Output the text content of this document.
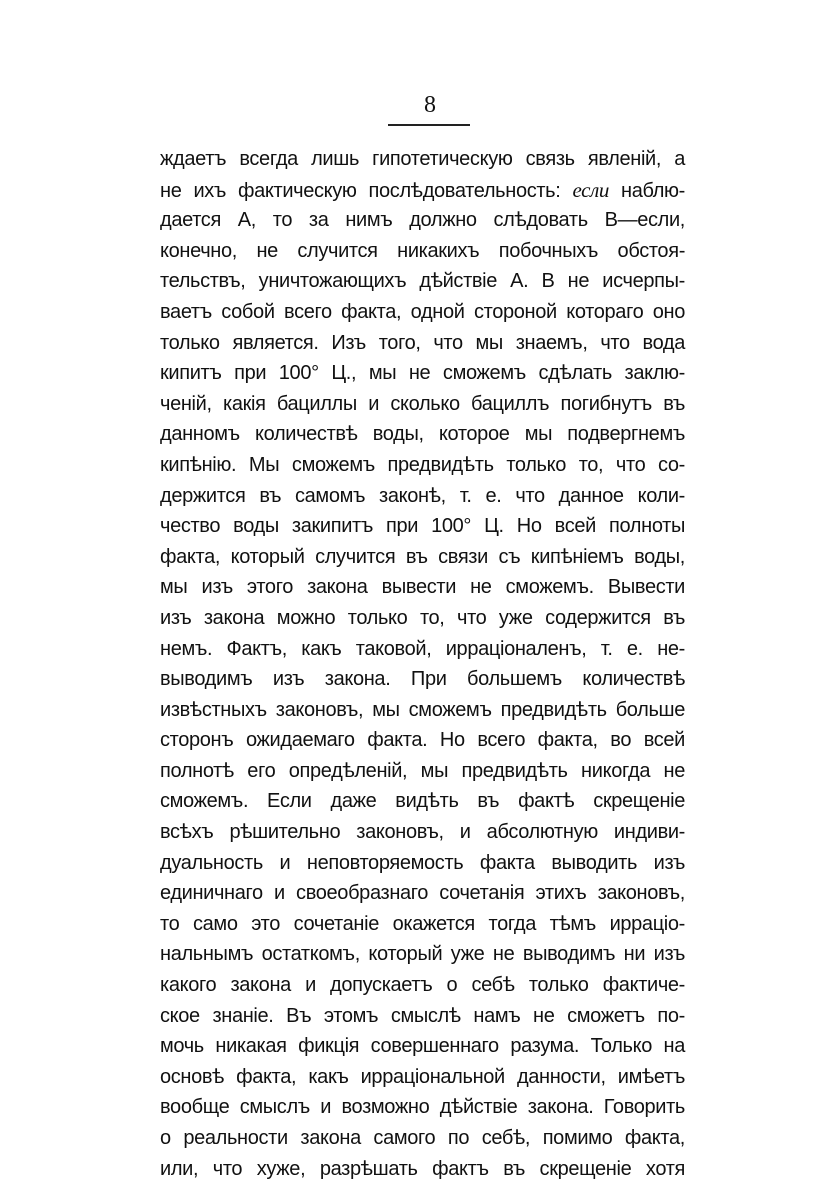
8
ждаетъ всегда лишь гипотетическую связь явленій, а
не ихъ фактическую послѣдовательность: если наблю-
дается А, то за нимъ должно слѣдовать В—если,
конечно, не случится никакихъ побочныхъ обстоя-
тельствъ, уничтожающихъ дѣйствіе А. В не исчерпы-
ваетъ собой всего факта, одной стороной котораго оно
только является. Изъ того, что мы знаемъ, что вода
кипитъ при 100° Ц., мы не сможемъ сдѣлать заклю-
ченій, какія бациллы и сколько бациллъ погибнутъ въ
данномъ количествѣ воды, которое мы подвергнемъ
кипѣнію. Мы сможемъ предвидѣть только то, что со-
держится въ самомъ законѣ, т. е. что данное коли-
чество воды закипитъ при 100° Ц. Но всей полноты
факта, который случится въ связи съ кипѣніемъ воды,
мы изъ этого закона вывести не сможемъ. Вывести
изъ закона можно только то, что уже содержится въ
немъ. Фактъ, какъ таковой, ирраціоналенъ, т. е. не-
выводимъ изъ закона. При большемъ количествѣ
извѣстныхъ законовъ, мы сможемъ предвидѣть больше
сторонъ ожидаемаго факта. Но всего факта, во всей
полнотѣ его опредѣленій, мы предвидѣть никогда не
сможемъ. Если даже видѣть въ фактѣ скрещеніе
всѣхъ рѣшительно законовъ, и абсолютную индиви-
дуальность и неповторяемость факта выводить изъ
единичнаго и своеобразнаго сочетанія этихъ законовъ,
то само это сочетаніе окажется тогда тѣмъ ирраціо-
нальнымъ остаткомъ, который уже не выводимъ ни изъ
какого закона и допускаетъ о себѣ только фактиче-
ское знаніе. Въ этомъ смыслѣ намъ не сможетъ по-
мочь никакая фикція совершеннаго разума. Только на
основѣ факта, какъ ирраціональной данности, имѣетъ
вообще смыслъ и возможно дѣйствіе закона. Говорить
о реальности закона самого по себѣ, помимо факта,
или, что хуже, разрѣшать фактъ въ скрещеніе хотя
